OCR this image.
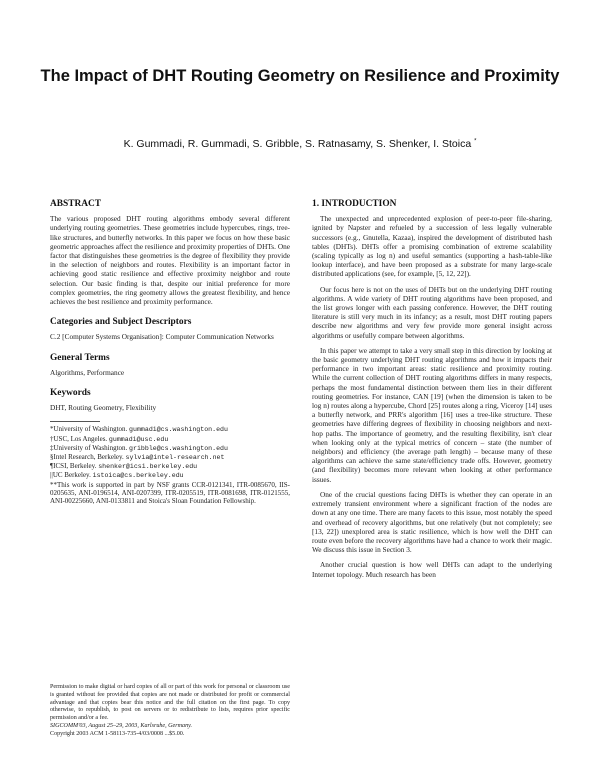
The Impact of DHT Routing Geometry on Resilience and Proximity
K. Gummadi, R. Gummadi, S. Gribble, S. Ratnasamy, S. Shenker, I. Stoica *
ABSTRACT

The various proposed DHT routing algorithms embody several different underlying routing geometries. These geometries include hypercubes, rings, tree-like structures, and butterfly networks. In this paper we focus on how these basic geometric approaches affect the resilience and proximity properties of DHTs. One factor that distinguishes these geometries is the degree of flexibility they provide in the selection of neighbors and routes. Flexibility is an important factor in achieving good static resilience and effective proximity neighbor and route selection. Our basic finding is that, despite our initial preference for more complex geometries, the ring geometry allows the greatest flexibility, and hence achieves the best resilience and proximity performance.

Categories and Subject Descriptors

C.2 [Computer Systems Organisation]: Computer Communication Networks

General Terms

Algorithms, Performance

Keywords

DHT, Routing Geometry, Flexibility

*University of Washington. gummadi@cs.washington.edu

†USC, Los Angeles. gummadi@usc.edu

‡University of Washington. gribble@cs.washington.edu

§Intel Research, Berkeley. sylvia@intel-research.net

¶ICSI, Berkeley. shenker@icsi.berkeley.edu

||UC Berkeley. istoica@cs.berkeley.edu

**This work is supported in part by NSF grants CCR-0121341, ITR-0085670, IIS-0205635, ANI-0196514, ANI-0207399, ITR-0205519, ITR-0081698, ITR-0121555, ANI-00225660, ANI-0133811 and Stoica's Sloan Foundation Fellowship.

Permission to make digital or hard copies of all or part of this work for personal or classroom use is granted without fee provided that copies are not made or distributed for profit or commercial advantage and that copies bear this notice and the full citation on the first page. To copy otherwise, to republish, to post on servers or to redistribute to lists, requires prior specific permission and/or a fee.

SIGCOMM'03, August 25–29, 2003, Karlsruhe, Germany.

Copyright 2003 ACM 1-58113-735-4/03/0008 ...$5.00.

1. INTRODUCTION

The unexpected and unprecedented explosion of peer-to-peer file-sharing, ignited by Napster and refueled by a succession of less legally vulnerable successors (e.g., Gnutella, Kazaa), inspired the development of distributed hash tables (DHTs). DHTs offer a promising combination of extreme scalability (scaling typically as log n) and useful semantics (supporting a hash-table-like lookup interface), and have been proposed as a substrate for many large-scale distributed applications (see, for example, [5, 12, 22]).

Our focus here is not on the uses of DHTs but on the underlying DHT routing algorithms. A wide variety of DHT routing algorithms have been proposed, and the list grows longer with each passing conference. However, the DHT routing literature is still very much in its infancy; as a result, most DHT routing papers describe new algorithms and very few provide more general insight across algorithms or usefully compare between algorithms.

In this paper we attempt to take a very small step in this direction by looking at the basic geometry underlying DHT routing algorithms and how it impacts their performance in two important areas: static resilience and proximity routing. While the current collection of DHT routing algorithms differs in many respects, perhaps the most fundamental distinction between them lies in their different routing geometries. For instance, CAN [19] (when the dimension is taken to be log n) routes along a hypercube, Chord [25] routes along a ring, Viceroy [14] uses a butterfly network, and PRR's algorithm [16] uses a tree-like structure. These geometries have differing degrees of flexibility in choosing neighbors and next-hop paths. The importance of geometry, and the resulting flexibility, isn't clear when looking only at the typical metrics of concern – state (the number of neighbors) and efficiency (the average path length) – because many of these algorithms can achieve the same state/efficiency trade offs. However, geometry (and flexibility) becomes more relevant when looking at other performance issues.

One of the crucial questions facing DHTs is whether they can operate in an extremely transient environment where a significant fraction of the nodes are down at any one time. There are many facets to this issue, most notably the speed and overhead of recovery algorithms, but one relatively (but not completely; see [13, 22]) unexplored area is static resilience, which is how well the DHT can route even before the recovery algorithms have had a chance to work their magic. We discuss this issue in Section 3.

Another crucial question is how well DHTs can adapt to the underlying Internet topology. Much research has been
